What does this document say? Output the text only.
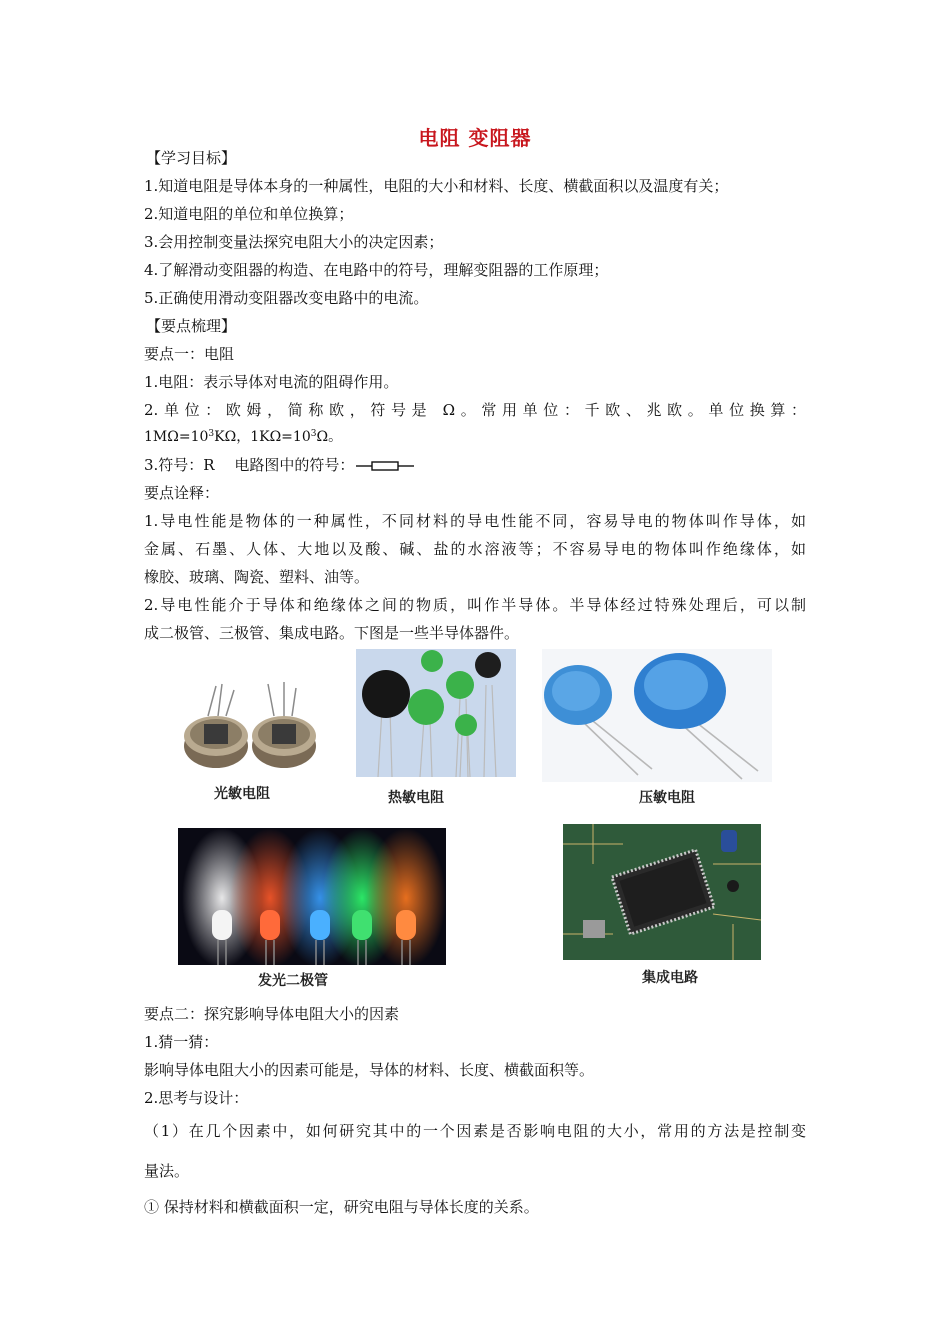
电阻 变阻器
【学习目标】
1.知道电阻是导体本身的一种属性，电阻的大小和材料、长度、横截面积以及温度有关；
2.知道电阻的单位和单位换算；
3.会用控制变量法探究电阻大小的决定因素；
4.了解滑动变阻器的构造、在电路中的符号，理解变阻器的工作原理；
5.正确使用滑动变阻器改变电路中的电流。
【要点梳理】
要点一：电阻
1.电阻：表示导体对电流的阻碍作用。
2.单位：欧姆，简称欧，符号是 Ω。常用单位：千欧、兆欧。单位换算：
$1M\Omega=10^3K\Omega$，$1K\Omega=10^3\Omega$。
3.符号：R　 电路图中的符号：
要点诠释：
1.导电性能是物体的一种属性，不同材料的导电性能不同，容易导电的物体叫作导体，如
金属、石墨、人体、大地以及酸、碱、盐的水溶液等；不容易导电的物体叫作绝缘体，如
橡胶、玻璃、陶瓷、塑料、油等。
2.导电性能介于导体和绝缘体之间的物质，叫作半导体。半导体经过特殊处理后，可以制
成二极管、三极管、集成电路。下图是一些半导体器件。
光敏电阻	热敏电阻	压敏电阻
发光二极管	集成电路
要点二：探究影响导体电阻大小的因素
1.猜一猜：
影响导体电阻大小的因素可能是，导体的材料、长度、横截面积等。
2.思考与设计：
（1）在几个因素中，如何研究其中的一个因素是否影响电阻的大小，常用的方法是控制变
量法。
① 保持材料和横截面积一定，研究电阻与导体长度的关系。
